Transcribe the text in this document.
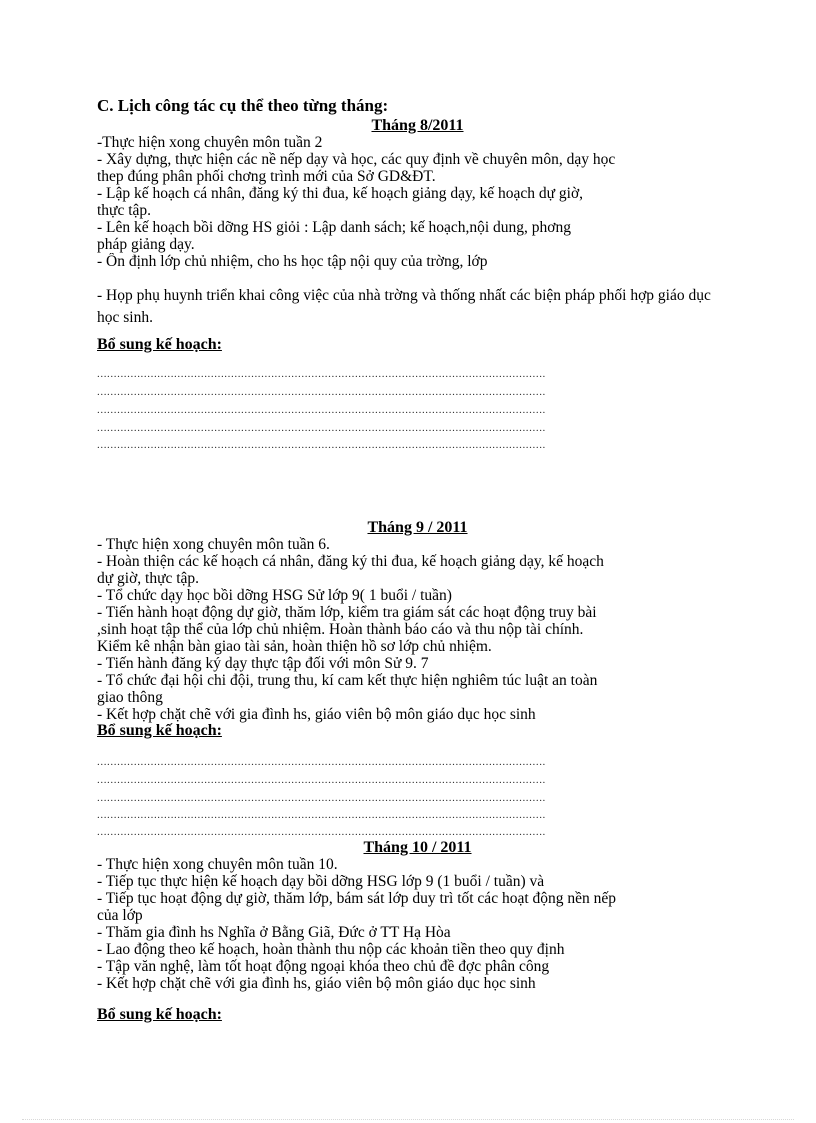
C. Lịch công tác cụ thể theo từng tháng:
Tháng 8/2011
-Thực hiện xong chuyên môn tuần 2
- Xây dựng, thực hiện các nề nếp dạy và học, các quy định về chuyên môn, dạy học
thep đúng phân phối chơng trình mới của Sở GD&ĐT.
- Lập kế hoạch cá nhân, đăng ký thi đua, kế hoạch giảng dạy, kế hoạch dự giờ,
thực tập.
- Lên kế hoạch bồi dỡng HS giỏi : Lập danh sách; kế hoạch,nội dung, phơng
pháp giảng dạy.
- Ổn định lớp chủ nhiệm, cho hs học tập nội quy của trờng, lớp
- Họp phụ huynh triển khai công việc của nhà trờng và thống nhất các biện pháp phối hợp giáo dục học sinh.
Bổ sung kế hoạch:
......................................................................................................................................
......................................................................................................................................
......................................................................................................................................
......................................................................................................................................
......................................................................................................................................
Tháng 9 / 2011
- Thực hiện xong chuyên môn tuần 6.
- Hoàn thiện các kế hoạch cá nhân, đăng ký thi đua, kế hoạch giảng dạy, kế hoạch
dự giờ, thực tập.
- Tổ chức dạy học bồi dỡng HSG Sử lớp 9( 1 buổi / tuần)
- Tiến hành hoạt động dự giờ, thăm lớp, kiểm tra giám sát các hoạt động truy bài
,sinh hoạt tập thể của lớp chủ nhiệm. Hoàn thành báo cáo và thu nộp tài chính.
Kiểm kê nhận bàn giao tài sản, hoàn thiện hồ sơ lớp chủ nhiệm.
- Tiến hành đăng ký dạy thực tập đối với môn Sử 9. 7
- Tổ chức đại hội chi đội, trung thu, kí cam kết thực hiện nghiêm túc luật an toàn
giao thông
- Kết hợp chặt chẽ với gia đình hs, giáo viên bộ môn giáo dục học sinh
Bổ sung kế hoạch:
......................................................................................................................................
......................................................................................................................................
......................................................................................................................................
......................................................................................................................................
......................................................................................................................................
Tháng 10 / 2011
- Thực hiện xong chuyên môn tuần 10.
- Tiếp tục thực hiện kế hoạch dạy bồi dỡng HSG lớp 9 (1 buổi / tuần) và
- Tiếp tục hoạt động dự giờ, thăm lớp, bám sát lớp duy trì tốt các hoạt động nền nếp
của lớp
- Thăm gia đình hs Nghĩa ở Bằng Giã, Đức ở TT Hạ Hòa
- Lao động theo kế hoạch, hoàn thành thu nộp các khoản tiền theo quy định
- Tập văn nghệ, làm tốt hoạt động ngoại khóa theo chủ đề đợc phân công
- Kết hợp chặt chẽ với gia đình hs, giáo viên bộ môn giáo dục học sinh
Bổ sung kế hoạch:
